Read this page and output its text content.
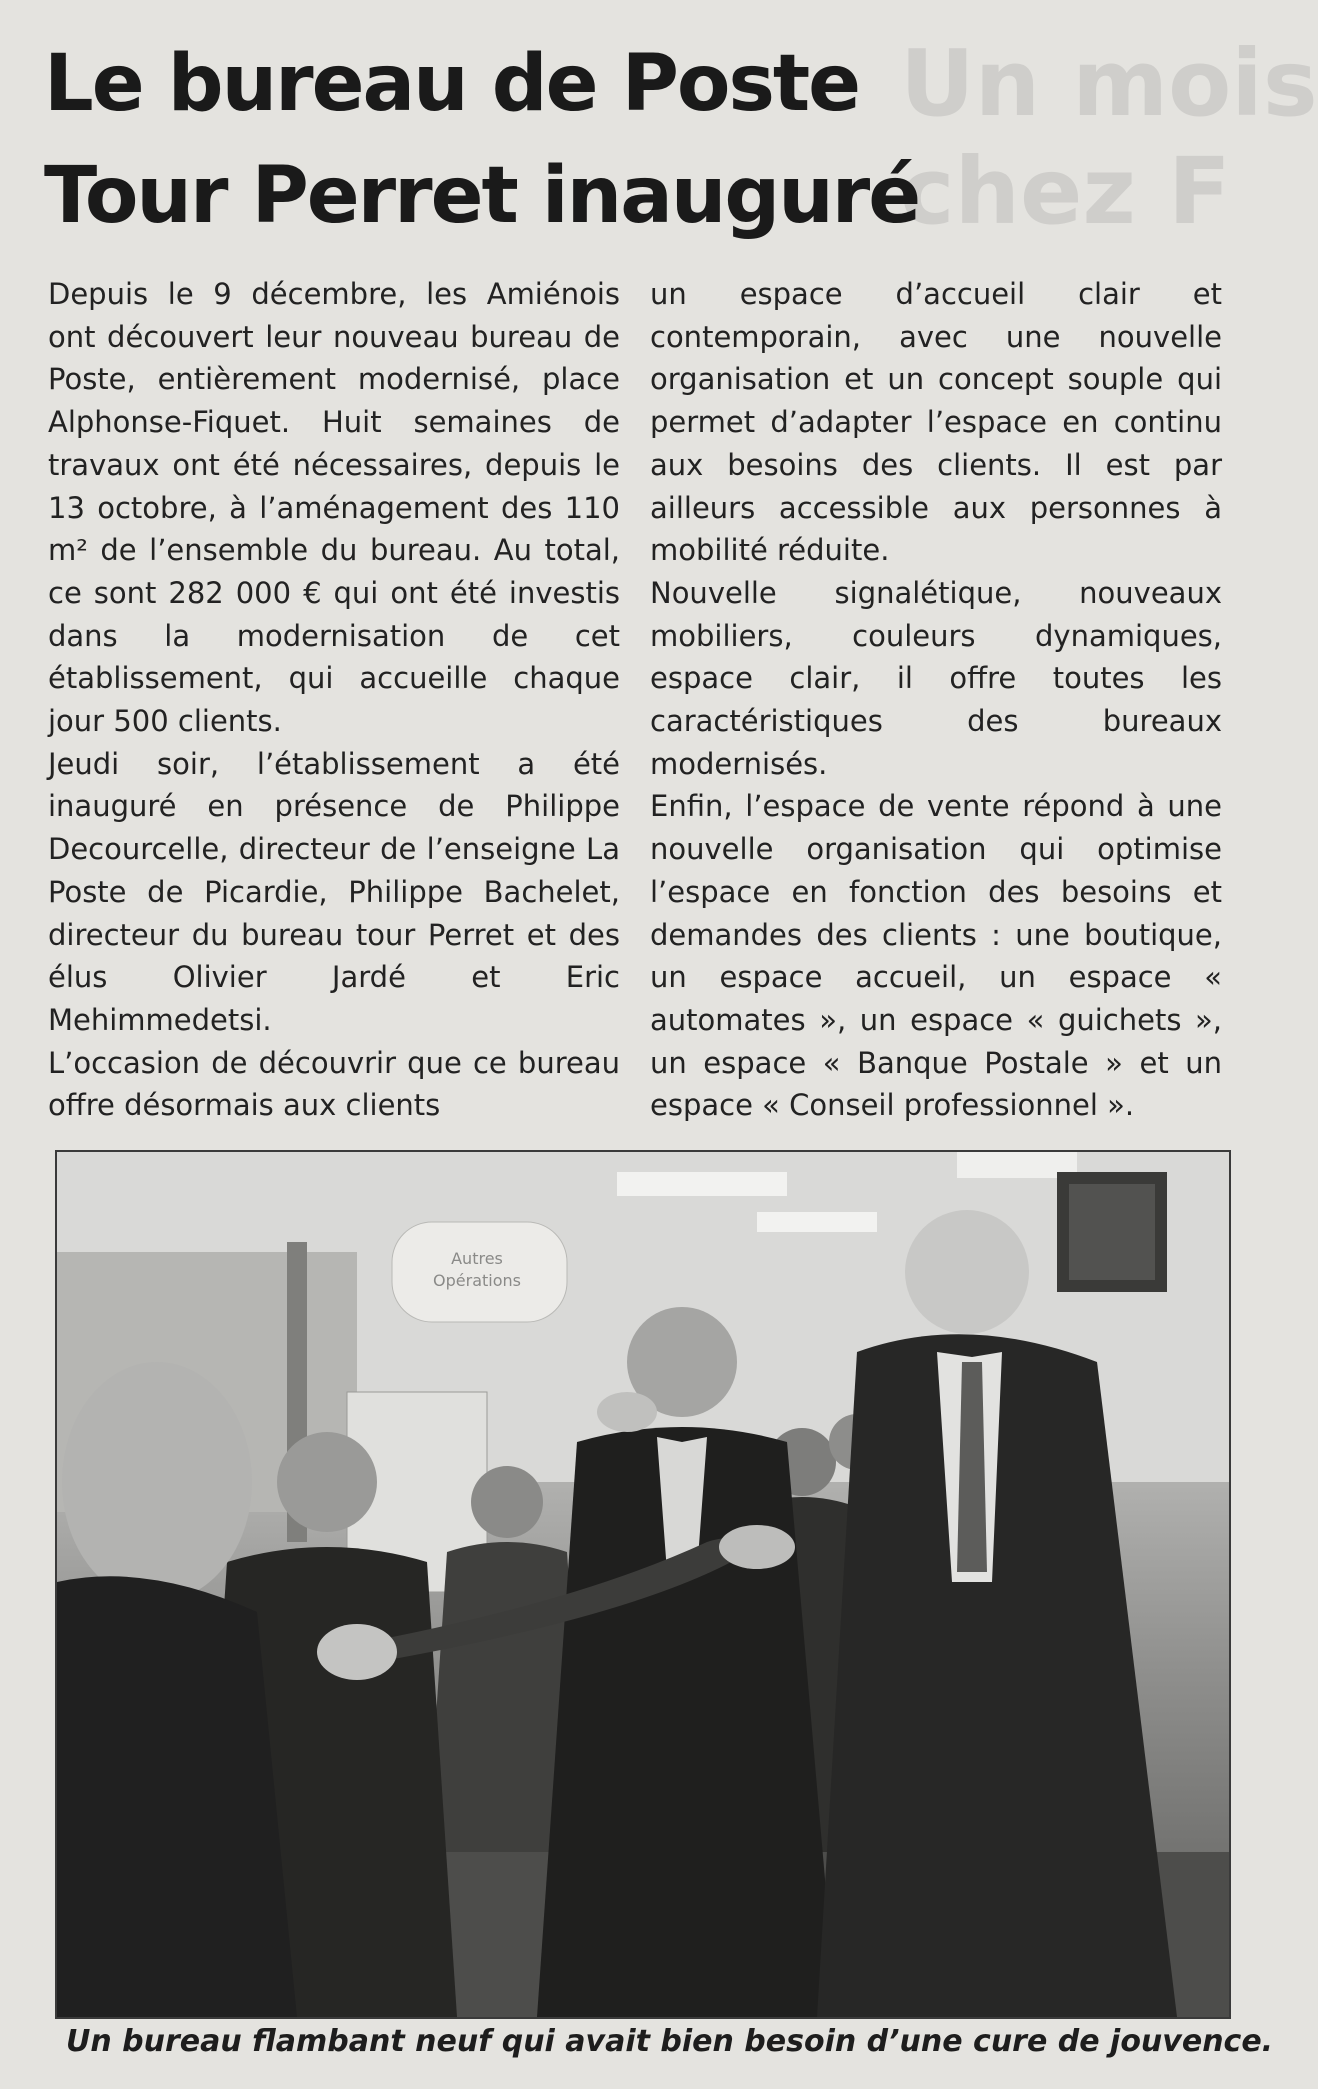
Un mois
chez F
Le bureau de Poste
Tour Perret inauguré

Depuis le 9 décembre, les Amiénois ont découvert leur nouveau bureau de Poste, entièrement modernisé, place Alphonse-Fiquet. Huit semaines de travaux ont été nécessaires, depuis le 13 octobre, à l’aménagement des 110 m² de l’ensemble du bureau. Au total, ce sont 282 000 € qui ont été investis dans la modernisation de cet établissement, qui accueille chaque jour 500 clients.

Jeudi soir, l’établissement a été inauguré en présence de Philippe Decourcelle, directeur de l’enseigne La Poste de Picardie, Philippe Bachelet, directeur du bureau tour Perret et des élus Olivier Jardé et Eric Mehimmedetsi.

L’occasion de découvrir que ce bureau offre désormais aux clients

un espace d’accueil clair et contemporain, avec une nouvelle organisation et un concept souple qui permet d’adapter l’espace en continu aux besoins des clients. Il est par ailleurs accessible aux personnes à mobilité réduite.

Nouvelle signalétique, nouveaux mobiliers, couleurs dynamiques, espace clair, il offre toutes les caractéristiques des bureaux modernisés.

Enfin, l’espace de vente répond à une nouvelle organisation qui optimise l’espace en fonction des besoins et demandes des clients : une boutique, un espace accueil, un espace « automates », un espace « guichets », un espace « Banque Postale » et un espace « Conseil professionnel ».

Autres
Opérations

Un bureau flambant neuf qui avait bien besoin d’une cure de jouvence.
